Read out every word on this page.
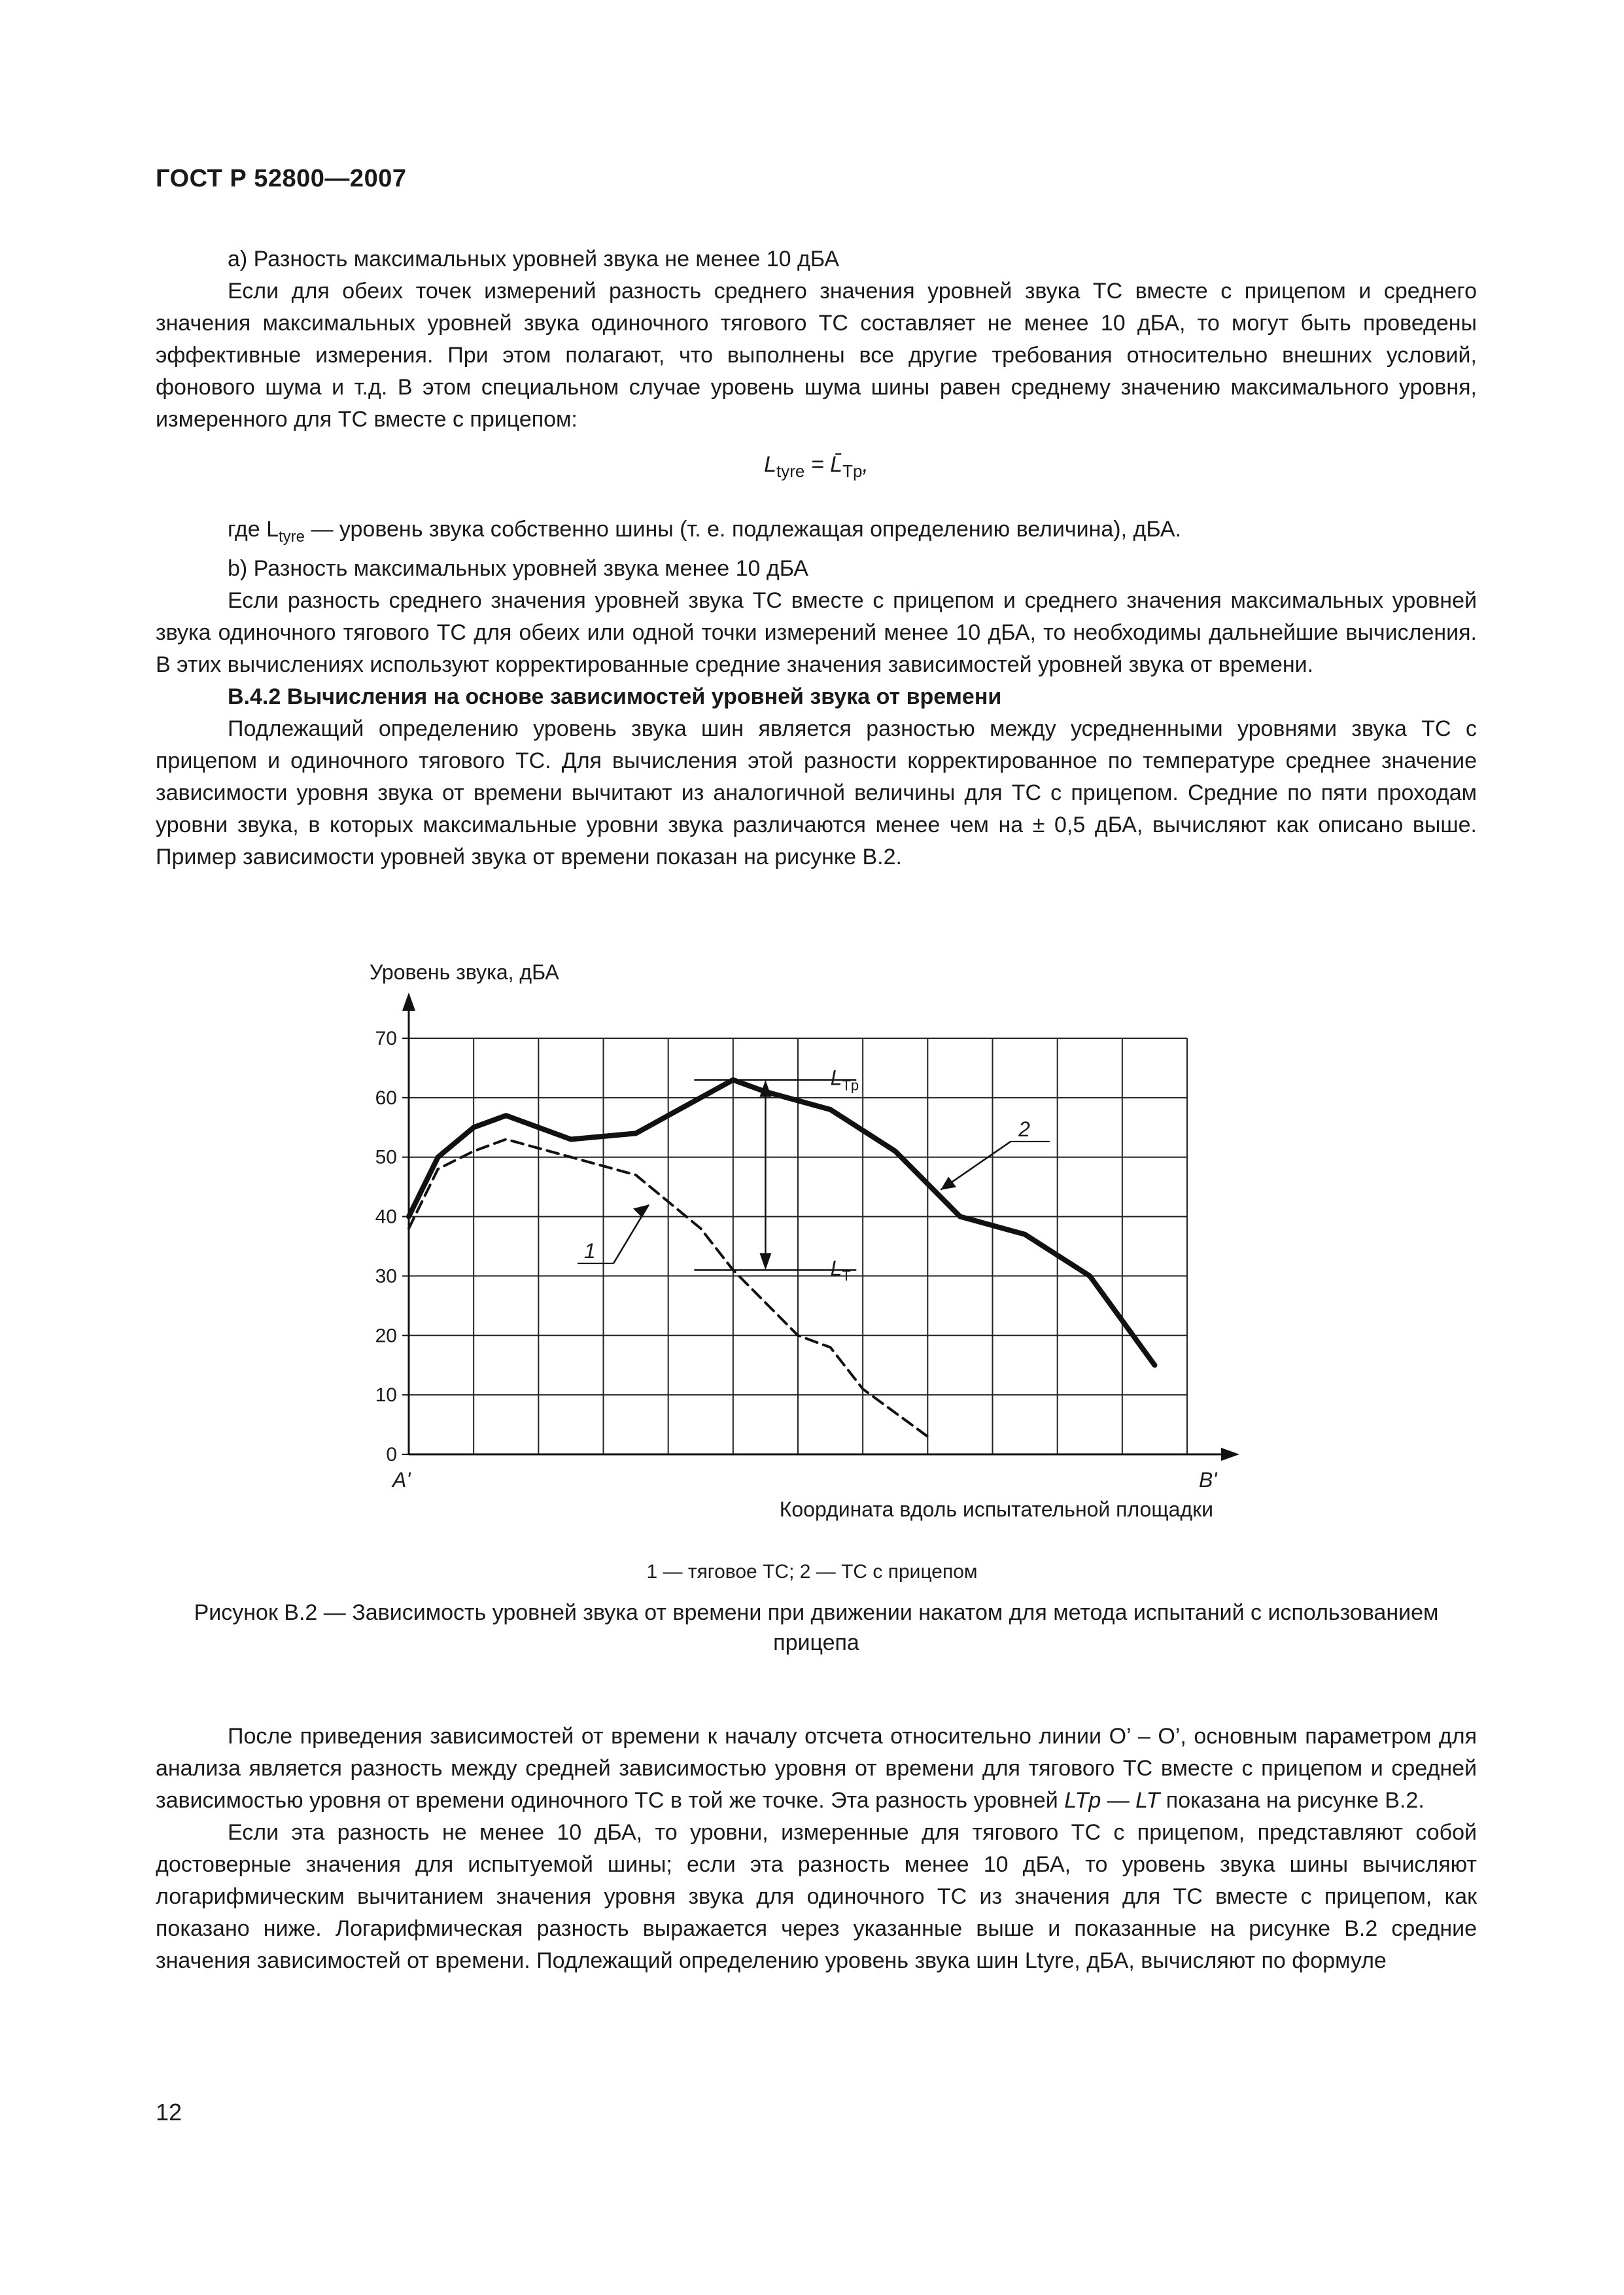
ГОСТ Р 52800—2007
а) Разность максимальных уровней звука не менее 10 дБА
Если для обеих точек измерений разность среднего значения уровней звука ТС вместе с прицепом и среднего значения максимальных уровней звука одиночного тягового ТС составляет не менее 10 дБА, то могут быть проведены эффективные измерения. При этом полагают, что выполнены все другие требования относительно внешних условий, фонового шума и т.д. В этом специальном случае уровень шума шины равен среднему значению максимального уровня, измеренного для ТС вместе с прицепом:
$L_{tyre}$ = $L̄_{Tp}$,
где $L_{tyre}$ — уровень звука собственно шины (т. е. подлежащая определению величина), дБА.
b) Разность максимальных уровней звука менее 10 дБА
Если разность среднего значения уровней звука ТС вместе с прицепом и среднего значения максимальных уровней звука одиночного тягового ТС для обеих или одной точки измерений менее 10 дБА, то необходимы дальнейшие вычисления. В этих вычислениях используют корректированные средние значения зависимостей уровней звука от времени.
В.4.2 Вычисления на основе зависимостей уровней звука от времени
Подлежащий определению уровень звука шин является разностью между усредненными уровнями звука ТС с прицепом и одиночного тягового ТС. Для вычисления этой разности корректированное по температуре среднее значение зависимости уровня звука от времени вычитают из аналогичной величины для ТС с прицепом. Средние по пяти проходам уровни звука, в которых максимальные уровни звука различаются менее чем на ± 0,5 дБА, вычисляют как описано выше. Пример зависимости уровней звука от времени показан на рисунке В.2.
0
10
20
30
40
50
60
70
1
2
$L_{Tp}$
$L_T$
Уровень звука, дБА
Координата вдоль испытательной площадки
A'	B'
1 — тяговое ТС; 2 — ТС с прицепом
Рисунок В.2 — Зависимость уровней звука от времени при движении накатом для метода испытаний с использованием прицепа
После приведения зависимостей от времени к началу отсчета относительно линии O’ – O’, основным параметром для анализа является разность между средней зависимостью уровня от времени для тягового ТС вместе с прицепом и средней зависимостью уровня от времени одиночного ТС в той же точке. Эта разность уровней LTp — LT показана на рисунке В.2.
Если эта разность не менее 10 дБА, то уровни, измеренные для тягового ТС с прицепом, представляют собой достоверные значения для испытуемой шины; если эта разность менее 10 дБА, то уровень звука шины вычисляют логарифмическим вычитанием значения уровня звука для одиночного ТС из значения для ТС вместе с прицепом, как показано ниже. Логарифмическая разность выражается через указанные выше и показанные на рисунке В.2 средние значения зависимостей от времени. Подлежащий определению уровень звука шин Ltyre, дБА, вычисляют по формуле
12
